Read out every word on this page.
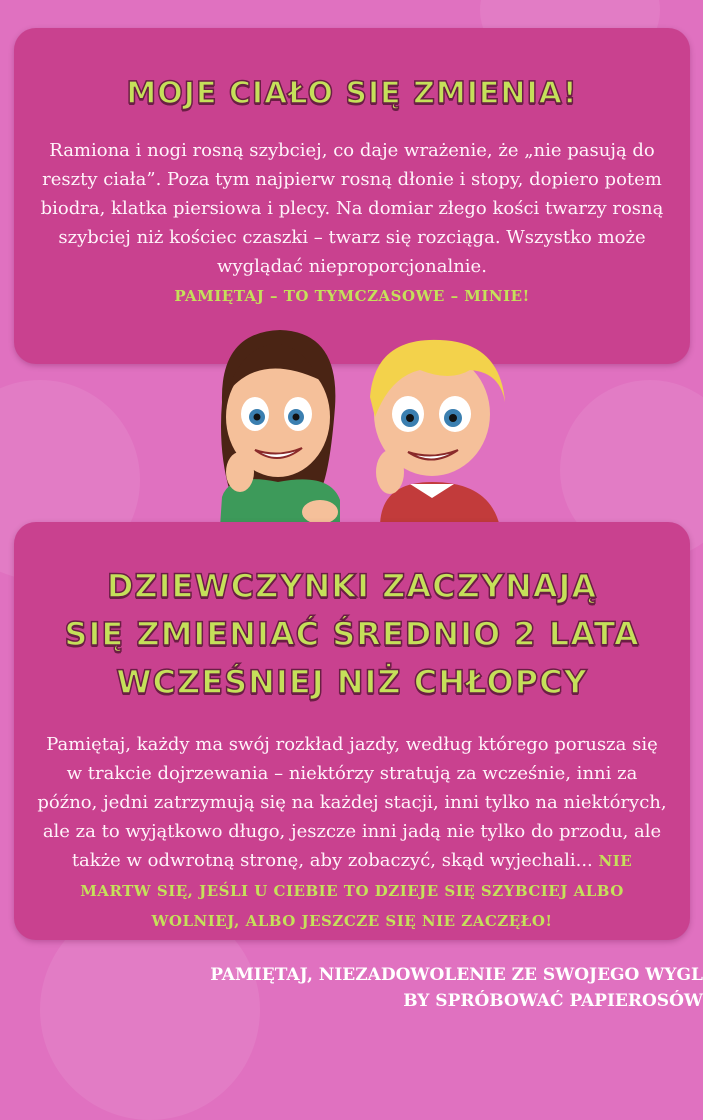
MOJE CIAŁO SIĘ ZMIENIA!
Ramiona i nogi rosną szybciej, co daje wrażenie, że „nie pasują do reszty ciała”. Poza tym najpierw rosną dłonie i stopy, dopiero potem biodra, klatka piersiowa i plecy. Na domiar złego kości twarzy rosną szybciej niż kościec czaszki – twarz się rozciąga. Wszystko może wyglądać nieproporcjonalnie.
PAMIĘTAJ – TO TYMCZASOWE – MINIE!
DZIEWCZYNKI ZACZYNAJĄ
SIĘ ZMIENIAĆ ŚREDNIO 2 LATA
WCZEŚNIEJ NIŻ CHŁOPCY
Pamiętaj, każdy ma swój rozkład jazdy, według którego porusza się w trakcie dojrzewania – niektórzy stratują za wcześnie, inni za późno, jedni zatrzymują się na każdej stacji, inni tylko na niektórych, ale za to wyjątkowo długo, jeszcze inni jadą nie tylko do przodu, ale także w odwrotną stronę, aby zobaczyć, skąd wyjechali... NIE MARTW SIĘ, JEŚLI U CIEBIE TO DZIEJE SIĘ SZYBCIEJ ALBO WOLNIEJ, ALBO JESZCZE SIĘ NIE ZACZĘŁO!
PAMIĘTAJ, NIEZADOWOLENIE ZE SWOJEGO WYGL
BY SPRÓBOWAĆ PAPIEROSÓW
